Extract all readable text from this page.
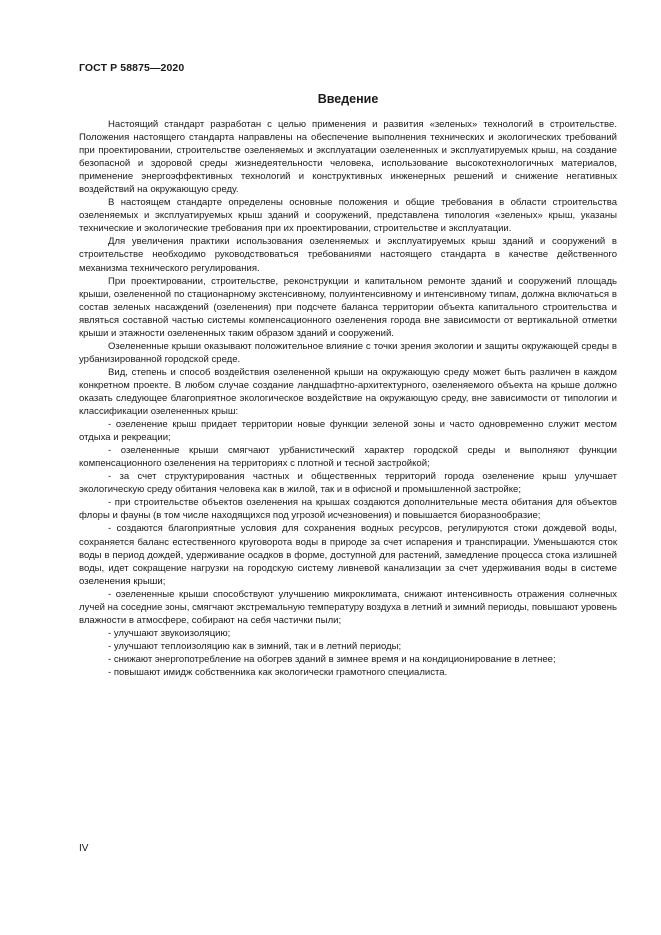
ГОСТ Р 58875—2020
Введение

Настоящий стандарт разработан с целью применения и развития «зеленых» технологий в строительстве. Положения настоящего стандарта направлены на обеспечение выполнения технических и экологических требований при проектировании, строительстве озеленяемых и эксплуатации озелененных и эксплуатируемых крыш, на создание безопасной и здоровой среды жизнедеятельности человека, использование высокотехнологичных материалов, применение энергоэффективных технологий и конструктивных инженерных решений и снижение негативных воздействий на окружающую среду.

В настоящем стандарте определены основные положения и общие требования в области строительства озеленяемых и эксплуатируемых крыш зданий и сооружений, представлена типология «зеленых» крыш, указаны технические и экологические требования при их проектировании, строительстве и эксплуатации.

Для увеличения практики использования озеленяемых и эксплуатируемых крыш зданий и сооружений в строительстве необходимо руководствоваться требованиями настоящего стандарта в качестве действенного механизма технического регулирования.

При проектировании, строительстве, реконструкции и капитальном ремонте зданий и сооружений площадь крыши, озелененной по стационарному экстенсивному, полуинтенсивному и интенсивному типам, должна включаться в состав зеленых насаждений (озеленения) при подсчете баланса территории объекта капитального строительства и являться составной частью системы компенсационного озеленения города вне зависимости от вертикальной отметки крыши и этажности озелененных таким образом зданий и сооружений.

Озелененные крыши оказывают положительное влияние с точки зрения экологии и защиты окружающей среды в урбанизированной городской среде.

Вид, степень и способ воздействия озелененной крыши на окружающую среду может быть различен в каждом конкретном проекте. В любом случае создание ландшафтно-архитектурного, озеленяемого объекта на крыше должно оказать следующее благоприятное экологическое воздействие на окружающую среду, вне зависимости от типологии и классификации озелененных крыш:

- озеленение крыш придает территории новые функции зеленой зоны и часто одновременно служит местом отдыха и рекреации;

- озелененные крыши смягчают урбанистический характер городской среды и выполняют функции компенсационного озеленения на территориях с плотной и тесной застройкой;

- за счет структурирования частных и общественных территорий города озеленение крыш улучшает экологическую среду обитания человека как в жилой, так и в офисной и промышленной застройке;

- при строительстве объектов озеленения на крышах создаются дополнительные места обитания для объектов флоры и фауны (в том числе находящихся под угрозой исчезновения) и повышается биоразнообразие;

- создаются благоприятные условия для сохранения водных ресурсов, регулируются стоки дождевой воды, сохраняется баланс естественного круговорота воды в природе за счет испарения и транспирации. Уменьшаются сток воды в период дождей, удерживание осадков в форме, доступной для растений, замедление процесса стока излишней воды, идет сокращение нагрузки на городскую систему ливневой канализации за счет удерживания воды в системе озеленения крыши;

- озелененные крыши способствуют улучшению микроклимата, снижают интенсивность отражения солнечных лучей на соседние зоны, смягчают экстремальную температуру воздуха в летний и зимний периоды, повышают уровень влажности в атмосфере, собирают на себя частички пыли;

- улучшают звукоизоляцию;

- улучшают теплоизоляцию как в зимний, так и в летний периоды;

- снижают энергопотребление на обогрев зданий в зимнее время и на кондиционирование в летнее;

- повышают имидж собственника как экологически грамотного специалиста.

IV
